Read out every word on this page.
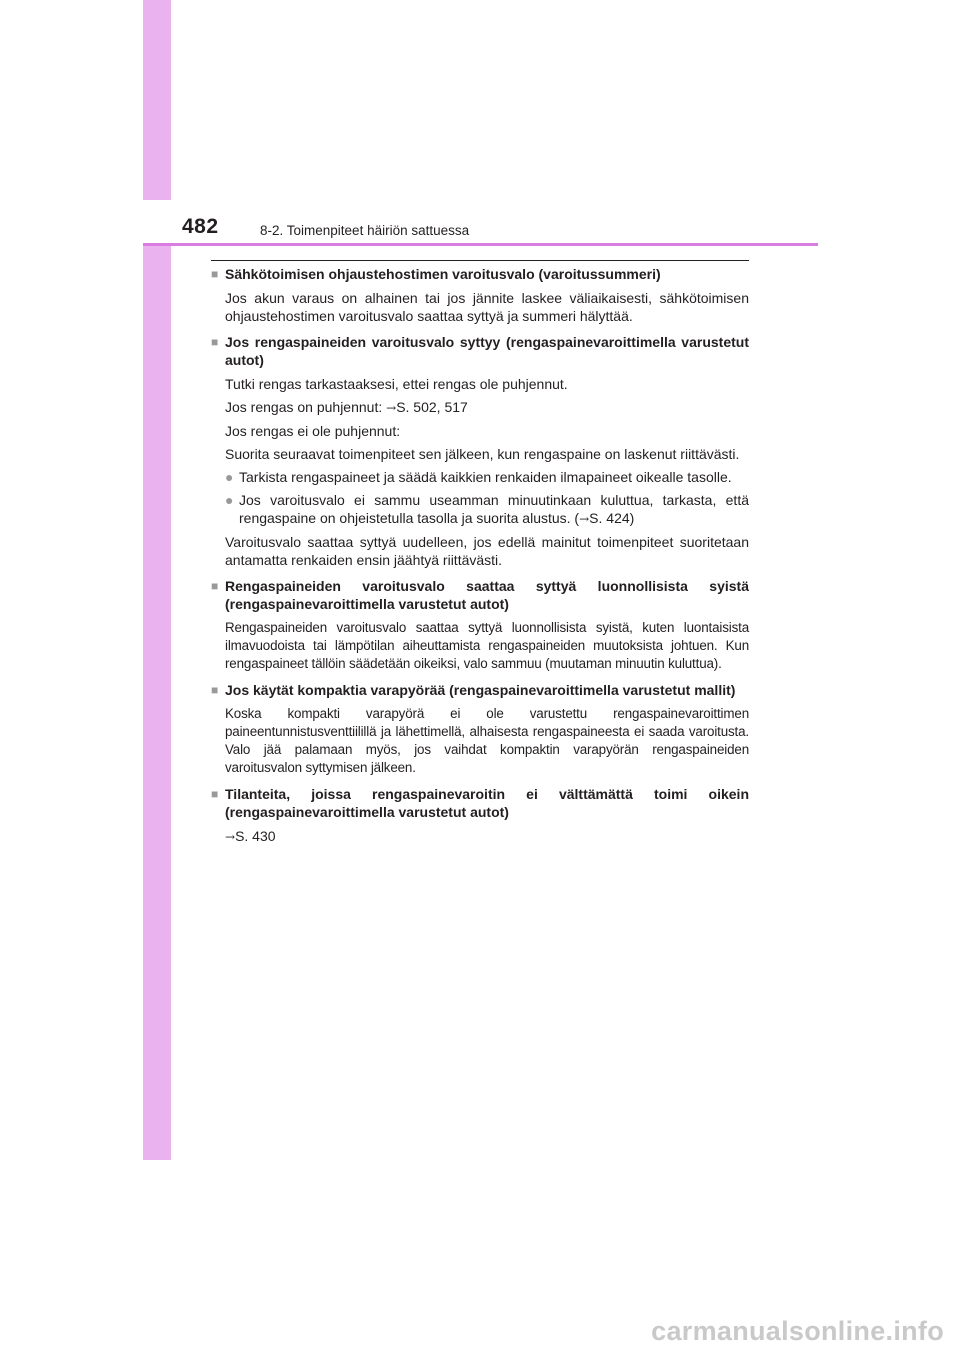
482	8-2. Toimenpiteet häiriön sattuessa
■ Sähkötoimisen ohjaustehostimen varoitusvalo (varoitussummeri)

Jos akun varaus on alhainen tai jos jännite laskee väliaikaisesti, sähkötoimisen ohjaustehostimen varoitusvalo saattaa syttyä ja summeri hälyttää.

■ Jos rengaspaineiden varoitusvalo syttyy (rengaspainevaroittimella varustetut autot)

Tutki rengas tarkastaaksesi, ettei rengas ole puhjennut.

Jos rengas on puhjennut: →S. 502, 517

Jos rengas ei ole puhjennut:

Suorita seuraavat toimenpiteet sen jälkeen, kun rengaspaine on laskenut riittävästi.

● Tarkista rengaspaineet ja säädä kaikkien renkaiden ilmapaineet oikealle tasolle.
● Jos varoitusvalo ei sammu useamman minuutinkaan kuluttua, tarkasta, että rengaspaine on ohjeistetulla tasolla ja suorita alustus. (→S. 424)

Varoitusvalo saattaa syttyä uudelleen, jos edellä mainitut toimenpiteet suoritetaan antamatta renkaiden ensin jäähtyä riittävästi.

■ Rengaspaineiden varoitusvalo saattaa syttyä luonnollisista syistä (rengaspainevaroittimella varustetut autot)

Rengaspaineiden varoitusvalo saattaa syttyä luonnollisista syistä, kuten luontaisista ilmavuodoista tai lämpötilan aiheuttamista rengaspaineiden muutoksista johtuen. Kun rengaspaineet tällöin säädetään oikeiksi, valo sammuu (muutaman minuutin kuluttua).

■ Jos käytät kompaktia varapyörää (rengaspainevaroittimella varustetut mallit)

Koska kompakti varapyörä ei ole varustettu rengaspainevaroittimen paineentunnistusventtiilillä ja lähettimellä, alhaisesta rengaspaineesta ei saada varoitusta. Valo jää palamaan myös, jos vaihdat kompaktin varapyörän rengaspaineiden varoitusvalon syttymisen jälkeen.

■ Tilanteita, joissa rengaspainevaroitin ei välttämättä toimi oikein (rengaspainevaroittimella varustetut autot)

→S. 430

carmanualsonline.info
